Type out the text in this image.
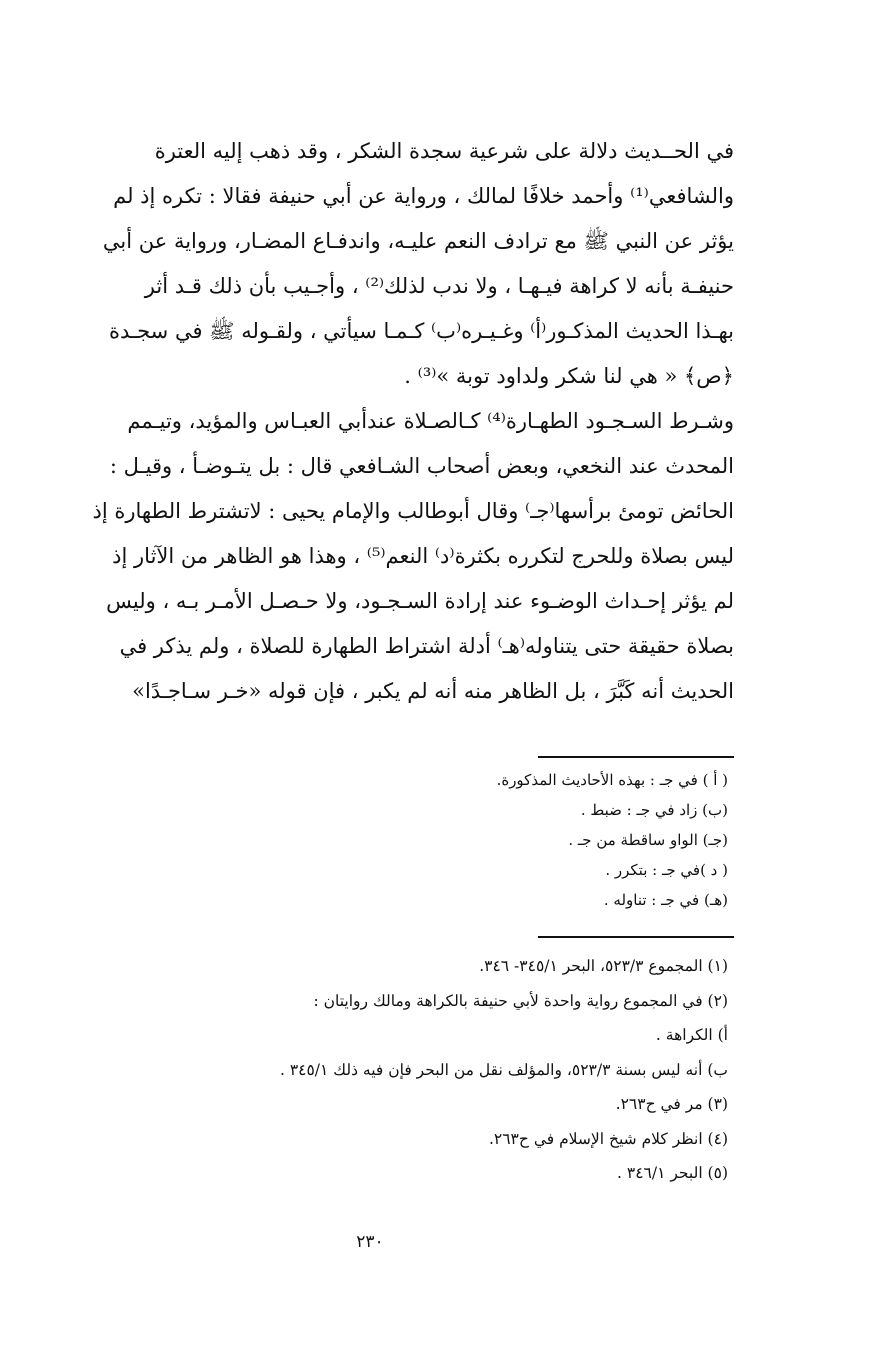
في الحــديث دلالة على شرعية سجدة الشكر ، وقد ذهب إليه العترة
والشافعي⁽¹⁾ وأحمد خلافًا لمالك ، ورواية عن أبي حنيفة فقالا : تكره إذ لم
يؤثر عن النبي ﷺ مع ترادف النعم عليـه، واندفـاع المضـار، ورواية عن أبي
حنيفـة بأنه لا كراهة فيـهـا ، ولا ندب لذلك⁽²⁾ ، وأجـيب بأن ذلك قـد أثر
بهـذا الحديث المذكـور⁽أ⁾ وغـيـره⁽ب⁾ كـمـا سيأتي ، ولقـوله ﷺ في سجـدة
﴿ص﴾ « هي لنا شكر ولداود توبة »⁽³⁾ .
وشـرط السـجـود الطهـارة⁽⁴⁾ كـالصـلاة عندأبي العبـاس والمؤيد، وتيـمم
المحدث عند النخعي، وبعض أصحاب الشـافعي قال : بل يتـوضـأ ، وقيـل :
الحائض تومئ برأسها⁽جـ⁾ وقال أبوطالب والإمام يحيى : لاتشترط الطهارة إذ
ليس بصلاة وللحرج لتكرره بكثرة⁽د⁾ النعم⁽⁵⁾ ، وهذا هو الظاهر من الآثار إذ
لم يؤثر إحـداث الوضـوء عند إرادة السـجـود، ولا حـصـل الأمـر بـه ، وليس
بصلاة حقيقة حتى يتناوله⁽هـ⁾ أدلة اشتراط الطهارة للصلاة ، ولم يذكر في
الحديث أنه كَبَّرَ ، بل الظاهر منه أنه لم يكبر ، فإن قوله «خـر سـاجـدًا»
( أ ) في جـ : بهذه الأحاديث المذكورة.
(ب) زاد في جـ : ضبط .
(جـ) الواو ساقطة من جـ .
( د )في جـ : بتكرر .
(هـ) في جـ : تناوله .
(١) المجموع ٥٢٣/٣، البحر ٣٤٥/١- ٣٤٦.
(٢) في المجموع رواية واحدة لأبي حنيفة بالكراهة ومالك روايتان :
أ) الكراهة .
ب) أنه ليس بسنة ٥٢٣/٣، والمؤلف نقل من البحر فإن فيه ذلك ٣٤٥/١ .
(٣) مر في ح٢٦٣.
(٤) انظر كلام شيخ الإسلام في ح٢٦٣.
(٥) البحر ٣٤٦/١ .
٢٣٠
